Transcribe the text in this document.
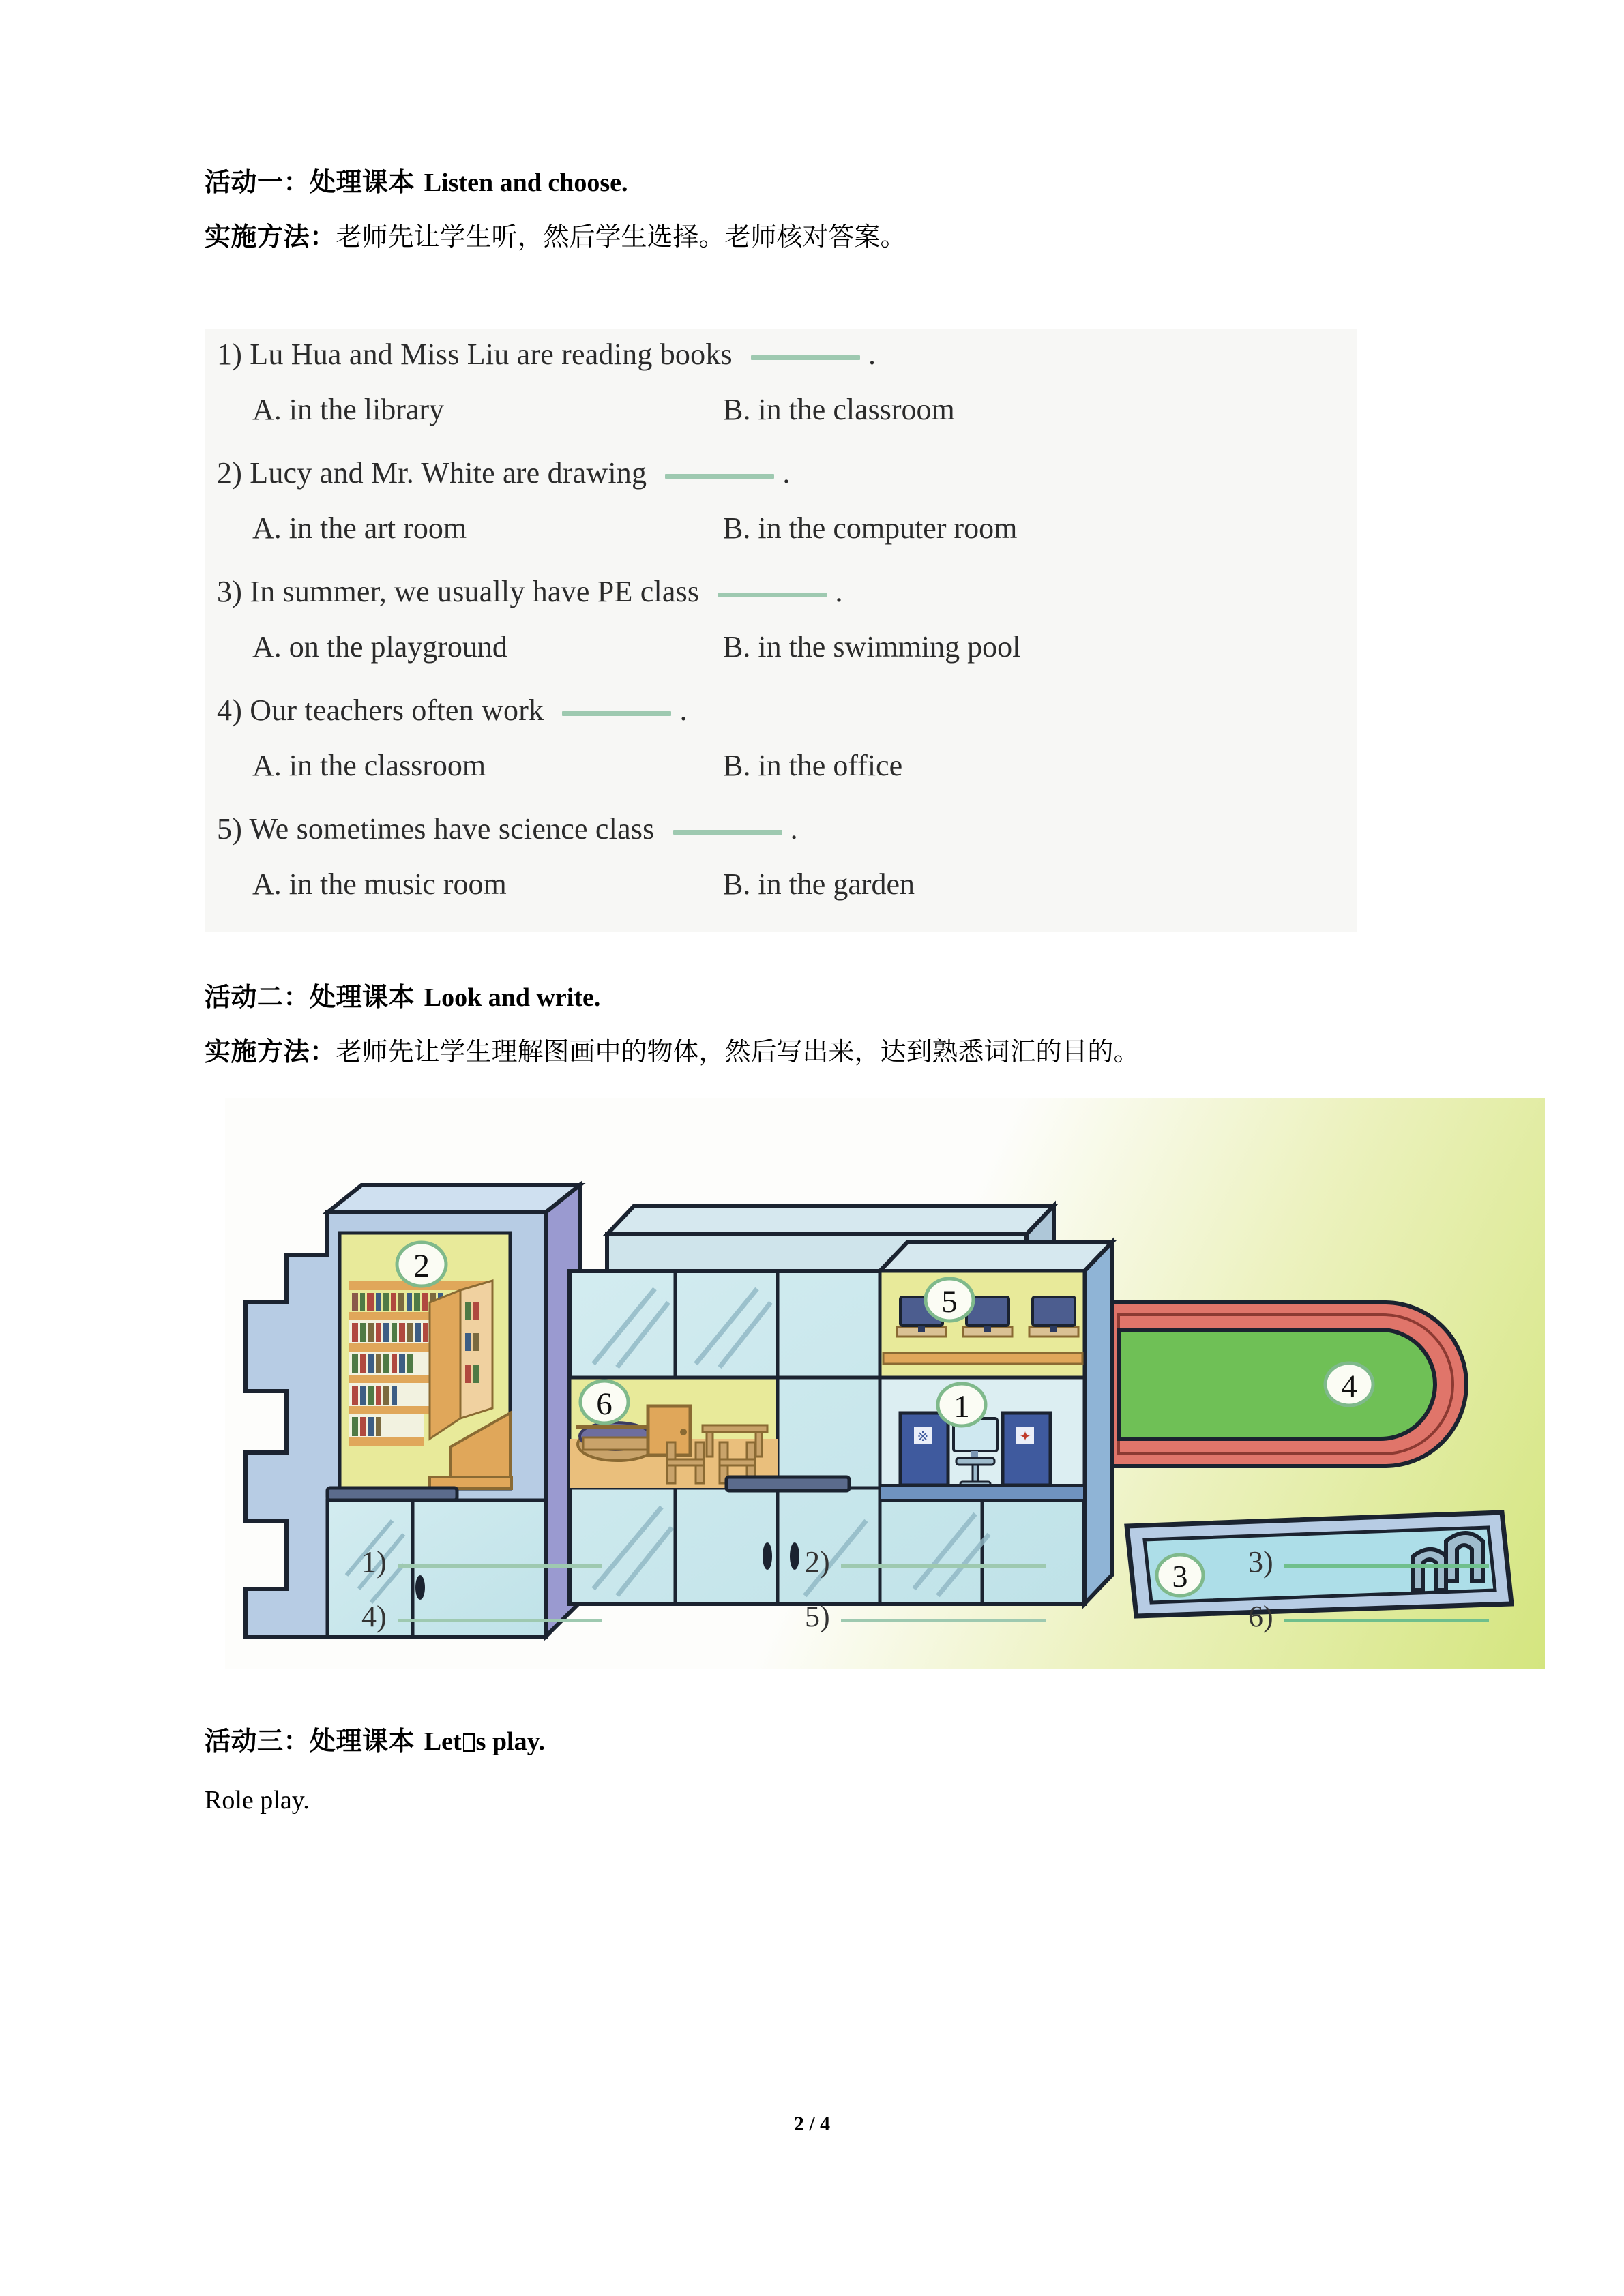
活动一：处理课本 Listen and choose.
实施方法：老师先让学生听，然后学生选择。老师核对答案。
1) Lu Hua and Miss Liu are reading books	.
A. in the library	B. in the classroom
2) Lucy and Mr. White are drawing	.
A. in the art room	B. in the computer room
3) In summer, we usually have PE class	.
A. on the playground	B. in the swimming pool
4) Our teachers often work	.
A. in the classroom	B. in the office
5) We sometimes have science class	.
A. in the music room	B. in the garden
活动二：处理课本 Look and write.
实施方法：老师先让学生理解图画中的物体，然后写出来，达到熟悉词汇的目的。
2
6
5
※	✦
1
4
3
1)	2)	3)
4)	5)	6)
活动三：处理课本 Let s play.
Role play.
2 / 4
